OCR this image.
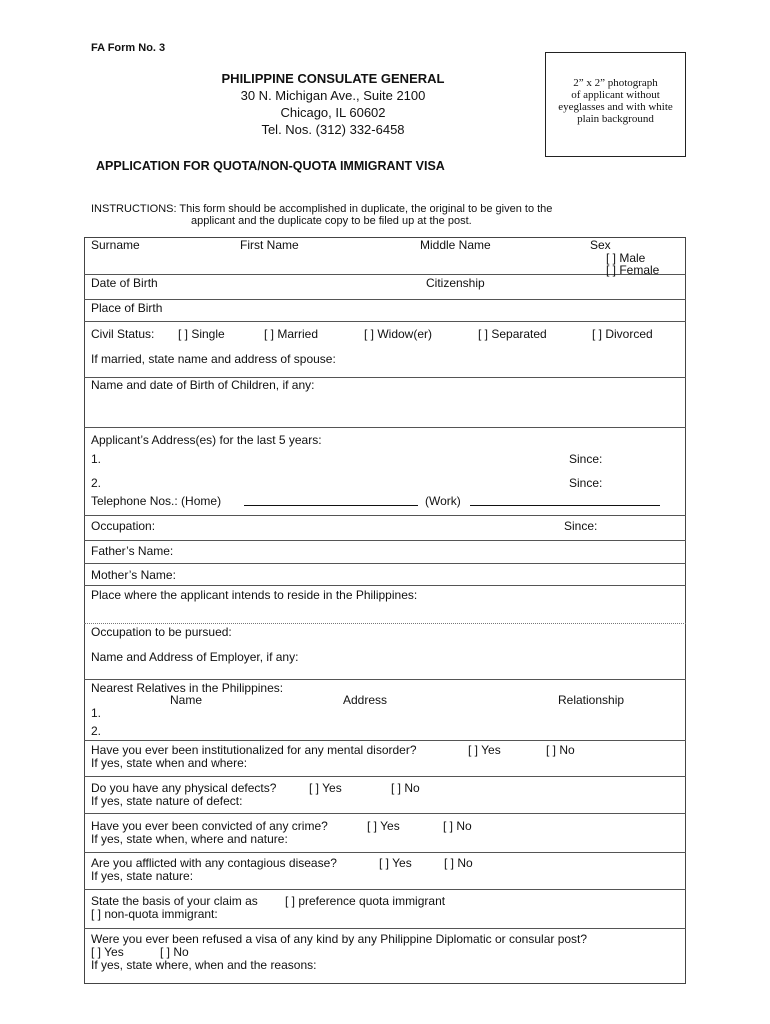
FA Form No. 3
PHILIPPINE CONSULATE GENERAL
30 N. Michigan Ave., Suite 2100
Chicago, IL 60602
Tel. Nos. (312) 332-6458
2” x 2” photograph
of applicant without
eyeglasses and with white
plain background
APPLICATION FOR QUOTA/NON-QUOTA IMMIGRANT VISA
INSTRUCTIONS: This form should be accomplished in duplicate, the original to be given to the
applicant and the duplicate copy to be filed up at the post.
Surname	First Name	Middle Name	Sex
[ ] Male
[ ] Female
Date of Birth	Citizenship
Place of Birth
Civil Status: [ ] Single	[ ] Married	[ ] Widow(er)	[ ] Separated	[ ] Divorced
If married, state name and address of spouse:
Name and date of Birth of Children, if any:
Applicant’s Address(es) for the last 5 years:
1.	Since:
2.	Since:
Telephone Nos.: (Home)	(Work)
Occupation:	Since:
Father’s Name:
Mother’s Name:
Place where the applicant intends to reside in the Philippines:
Occupation to be pursued:
Name and Address of Employer, if any:
Nearest Relatives in the Philippines:
Name	Address	Relationship
1.
2.
Have you ever been institutionalized for any mental disorder?	[ ] Yes	[ ] No
If yes, state when and where:
Do you have any physical defects?	[ ] Yes	[ ] No
If yes, state nature of defect:
Have you ever been convicted of any crime?	[ ] Yes	[ ] No
If yes, state when, where and nature:
Are you afflicted with any contagious disease?	[ ] Yes	[ ] No
If yes, state nature:
State the basis of your claim as [ ] preference quota immigrant
[ ] non-quota immigrant:
Were you ever been refused a visa of any kind by any Philippine Diplomatic or consular post?
[ ] Yes	[ ] No
If yes, state where, when and the reasons:
